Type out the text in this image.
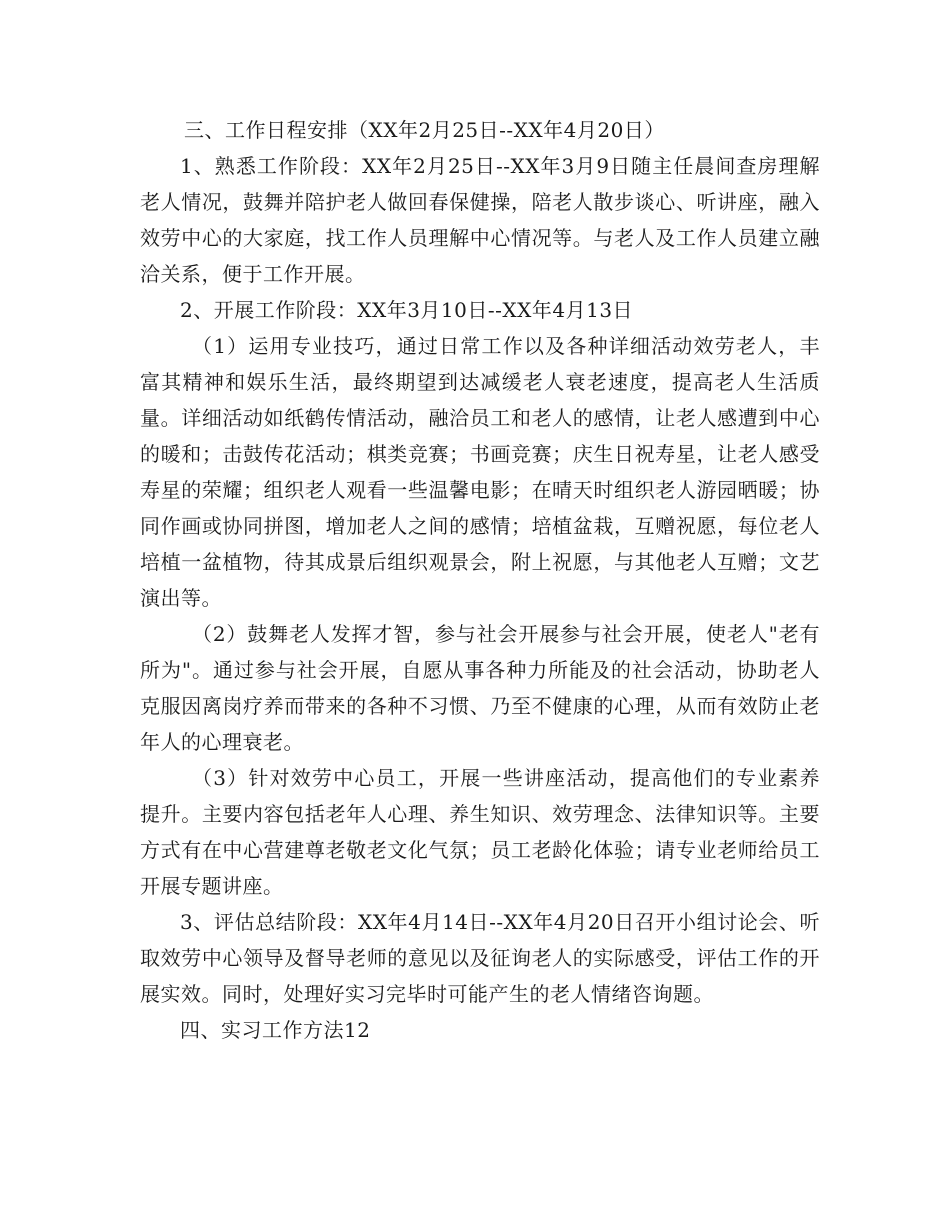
三、工作日程安排（XX年2月25日--XX年4月20日）

1、熟悉工作阶段：XX年2月25日--XX年3月9日随主任晨间查房理解老人情况，鼓舞并陪护老人做回春保健操，陪老人散步谈心、听讲座，融入效劳中心的大家庭，找工作人员理解中心情况等。与老人及工作人员建立融洽关系，便于工作开展。

2、开展工作阶段：XX年3月10日--XX年4月13日

（1）运用专业技巧，通过日常工作以及各种详细活动效劳老人，丰富其精神和娱乐生活，最终期望到达减缓老人衰老速度，提高老人生活质量。详细活动如纸鹤传情活动，融洽员工和老人的感情，让老人感遭到中心的暖和；击鼓传花活动；棋类竞赛；书画竞赛；庆生日祝寿星，让老人感受寿星的荣耀；组织老人观看一些温馨电影；在晴天时组织老人游园晒暖；协同作画或协同拼图，增加老人之间的感情；培植盆栽，互赠祝愿，每位老人培植一盆植物，待其成景后组织观景会，附上祝愿，与其他老人互赠；文艺演出等。

（2）鼓舞老人发挥才智，参与社会开展参与社会开展，使老人"老有所为"。通过参与社会开展，自愿从事各种力所能及的社会活动，协助老人克服因离岗疗养而带来的各种不习惯、乃至不健康的心理，从而有效防止老年人的心理衰老。

（3）针对效劳中心员工，开展一些讲座活动，提高他们的专业素养提升。主要内容包括老年人心理、养生知识、效劳理念、法律知识等。主要方式有在中心营建尊老敬老文化气氛；员工老龄化体验；请专业老师给员工开展专题讲座。

3、评估总结阶段：XX年4月14日--XX年4月20日召开小组讨论会、听取效劳中心领导及督导老师的意见以及征询老人的实际感受，评估工作的开展实效。同时，处理好实习完毕时可能产生的老人情绪咨询题。

四、实习工作方法12
